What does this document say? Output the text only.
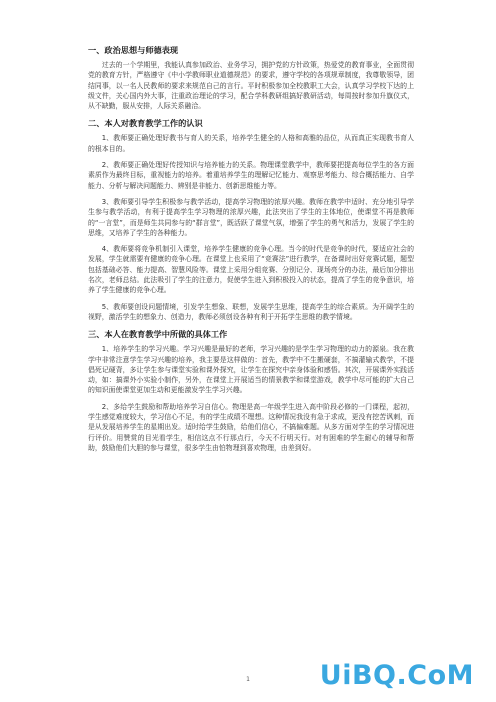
一、政治思想与师德表现

过去的一个学期里，我能认真参加政治、业务学习，拥护党的方针政策，热爱党的教育事业，全面贯彻党的教育方针，严格遵守《中小学教师职业道德规范》的要求，遵守学校的各项规章制度，我尊敬领导，团结同事，以一名人民教师的要求来规范自己的言行。平时积极参加全校教职工大会，认真学习学校下达的上级文件，关心国内外大事，注重政治理论的学习，配合学科教研组搞好教研活动，每周按时参加升旗仪式，从不缺勤，服从安排，人际关系融洽。

二、本人对教育教学工作的认识

1、教师要正确处理好教书与育人的关系，培养学生健全的人格和高雅的品位，从而真正实现教书育人的根本目的。

2、教师要正确处理好传授知识与培养能力的关系。物理课堂教学中，教师要把提高每位学生的各方面素质作为最终目标，重视能力的培养。着重培养学生的理解记忆能力、观察思考能力、综合概括能力、自学能力、分析与解决问题能力、辨别是非能力、创新思维能力等。

3、教师要引导学生积极参与教学活动，提高学习物理的浓厚兴趣。教师在教学中适时、充分地引导学生参与教学活动，有利于提高学生学习物理的浓厚兴趣，此法突出了学生的主体地位，使课堂不再是教师的“一言堂”，而是师生共同参与的“群言堂”，既活跃了课堂气氛，增强了学生的勇气和活力，发展了学生的思维，又培养了学生的各种能力。

4、教师要将竞争机制引入课堂，培养学生健康的竞争心理。当今的时代是竞争的时代，要适应社会的发展，学生就需要有健康的竞争心理。在课堂上也采用了“竞赛法”进行教学，在备课时出好竞赛试题，题型包括基础必答、能力提高、智慧风险等。课堂上采用分组竞赛、分别记分、现场亮分的办法，最后加分排出名次，老师总结。此法吸引了学生的注意力，促使学生进入到积极投入的状态，提高了学生的竞争意识，培养了学生健康的竞争心理。

5、教师要创设问题情境，引发学生想象、联想，发展学生思维，提高学生的综合素质。为开阔学生的视野，激活学生的想象力、创造力，教师必须创设各种有利于开拓学生思维的教学情境。

三、本人在教育教学中所做的具体工作

1、培养学生的学习兴趣。学习兴趣是最好的老师，学习兴趣的是学生学习物理的动力的源泉。我在教学中非常注意学生学习兴趣的培养，我主要是这样做的：首先，教学中不生搬硬套，不搞灌输式教学，不提倡死记硬背，多让学生参与课堂实验和课外探究，让学生在探究中亲身体验和感悟。其次，开展课外实践活动，如：搞课外小实验小制作，另外，在课堂上开展适当的情景教学和课堂游戏，教学中尽可能的扩大自己的知识面使课堂更加生动和更能激发学生学习兴趣。

2、多给学生鼓励和帮助培养学习自信心。物理是高一年级学生进入高中阶段必修的一门课程，起初，学生感觉难度较大，学习信心不足，有的学生成绩不理想。这种情况我没有急于求成，更没有挖苦讽刺，而是从发展培养学生的星期出发。适时给学生鼓励，给他们信心，不搞偏难题。从多方面对学生的学习情况进行评价。用赞赏的目光看学生，相信这点不行那点行，今天不行明天行。对有困难的学生耐心的辅导和帮助，鼓励他们大胆的参与课堂，很多学生由怕物理到喜欢物理，由差到好。

1	UiBQ.CoM
